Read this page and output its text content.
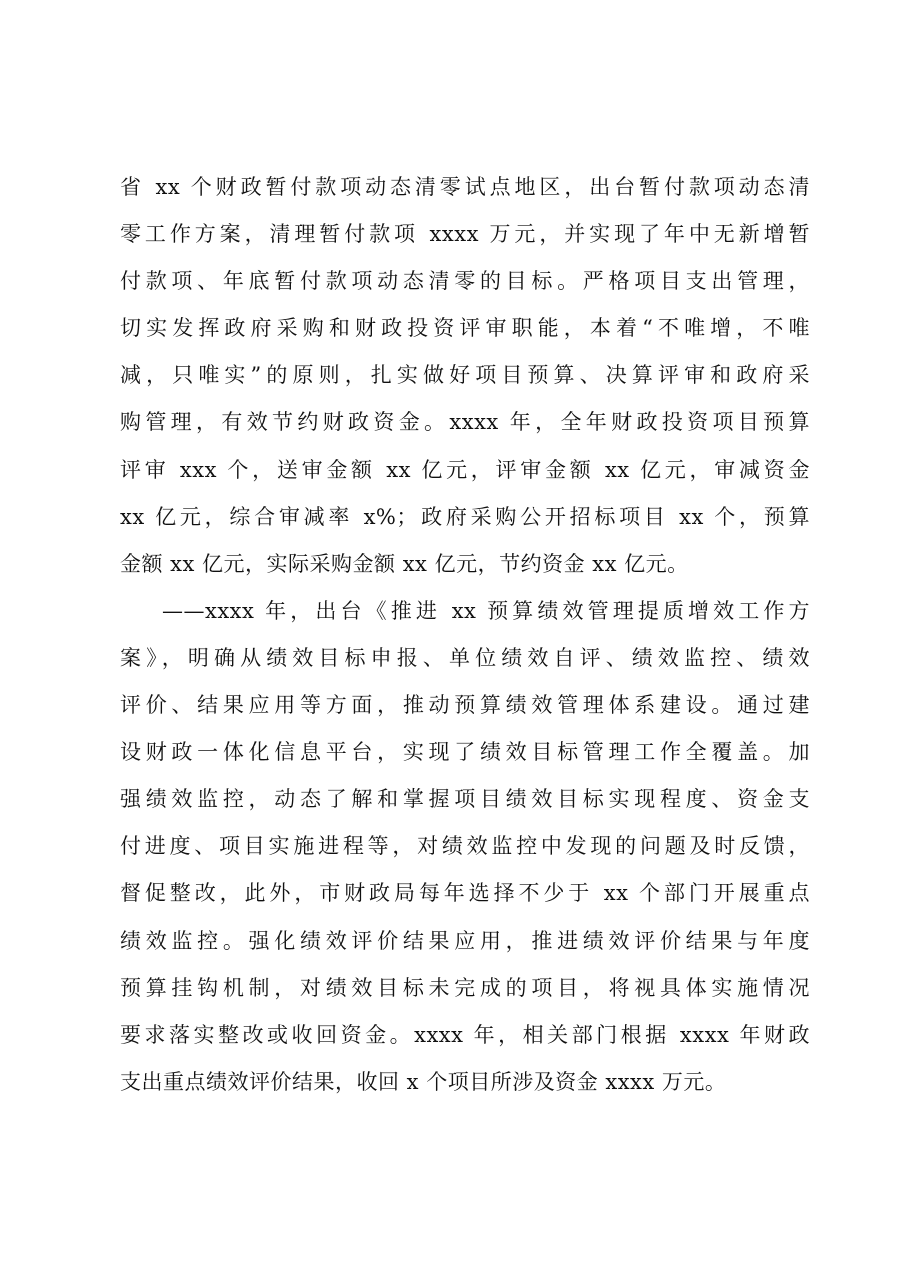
省 xx 个财政暂付款项动态清零试点地区，出台暂付款项动态清
零工作方案，清理暂付款项 xxxx 万元，并实现了年中无新增暂
付款项、年底暂付款项动态清零的目标。严格项目支出管理，
切实发挥政府采购和财政投资评审职能，本着“不唯增，不唯
减，只唯实”的原则，扎实做好项目预算、决算评审和政府采
购管理，有效节约财政资金。xxxx 年，全年财政投资项目预算
评审 xxx 个，送审金额 xx 亿元，评审金额 xx 亿元，审减资金
xx 亿元，综合审减率 x%；政府采购公开招标项目 xx 个，预算
金额 xx 亿元，实际采购金额 xx 亿元，节约资金 xx 亿元。
——xxxx 年，出台《推进 xx 预算绩效管理提质增效工作方
案》，明确从绩效目标申报、单位绩效自评、绩效监控、绩效
评价、结果应用等方面，推动预算绩效管理体系建设。通过建
设财政一体化信息平台，实现了绩效目标管理工作全覆盖。加
强绩效监控，动态了解和掌握项目绩效目标实现程度、资金支
付进度、项目实施进程等，对绩效监控中发现的问题及时反馈，
督促整改，此外，市财政局每年选择不少于 xx 个部门开展重点
绩效监控。强化绩效评价结果应用，推进绩效评价结果与年度
预算挂钩机制，对绩效目标未完成的项目，将视具体实施情况
要求落实整改或收回资金。xxxx 年，相关部门根据 xxxx 年财政
支出重点绩效评价结果，收回 x 个项目所涉及资金 xxxx 万元。
